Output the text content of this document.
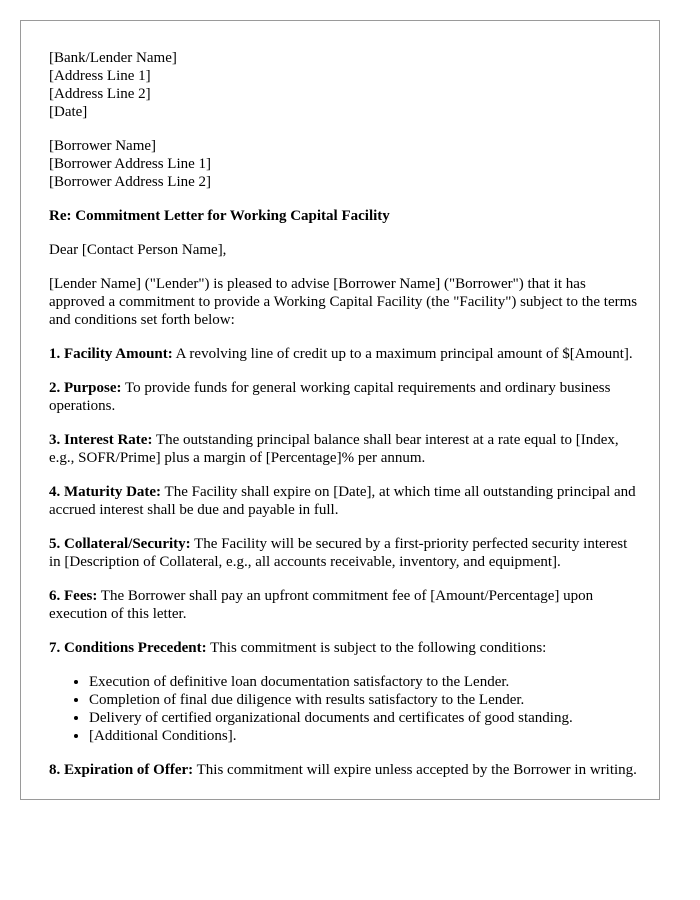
[Bank/Lender Name]
[Address Line 1]
[Address Line 2]
[Date]
[Borrower Name]
[Borrower Address Line 1]
[Borrower Address Line 2]

Re: Commitment Letter for Working Capital Facility

Dear [Contact Person Name],

[Lender Name] ("Lender") is pleased to advise [Borrower Name] ("Borrower") that it has approved a commitment to provide a Working Capital Facility (the "Facility") subject to the terms and conditions set forth below:

1. Facility Amount: A revolving line of credit up to a maximum principal amount of $[Amount].

2. Purpose: To provide funds for general working capital requirements and ordinary business operations.

3. Interest Rate: The outstanding principal balance shall bear interest at a rate equal to [Index, e.g., SOFR/Prime] plus a margin of [Percentage]% per annum.

4. Maturity Date: The Facility shall expire on [Date], at which time all outstanding principal and accrued interest shall be due and payable in full.

5. Collateral/Security: The Facility will be secured by a first-priority perfected security interest in [Description of Collateral, e.g., all accounts receivable, inventory, and equipment].

6. Fees: The Borrower shall pay an upfront commitment fee of [Amount/Percentage] upon execution of this letter.

7. Conditions Precedent: This commitment is subject to the following conditions:

• Execution of definitive loan documentation satisfactory to the Lender.
• Completion of final due diligence with results satisfactory to the Lender.
• Delivery of certified organizational documents and certificates of good standing.
• [Additional Conditions].

8. Expiration of Offer: This commitment will expire unless accepted by the Borrower in writing.
